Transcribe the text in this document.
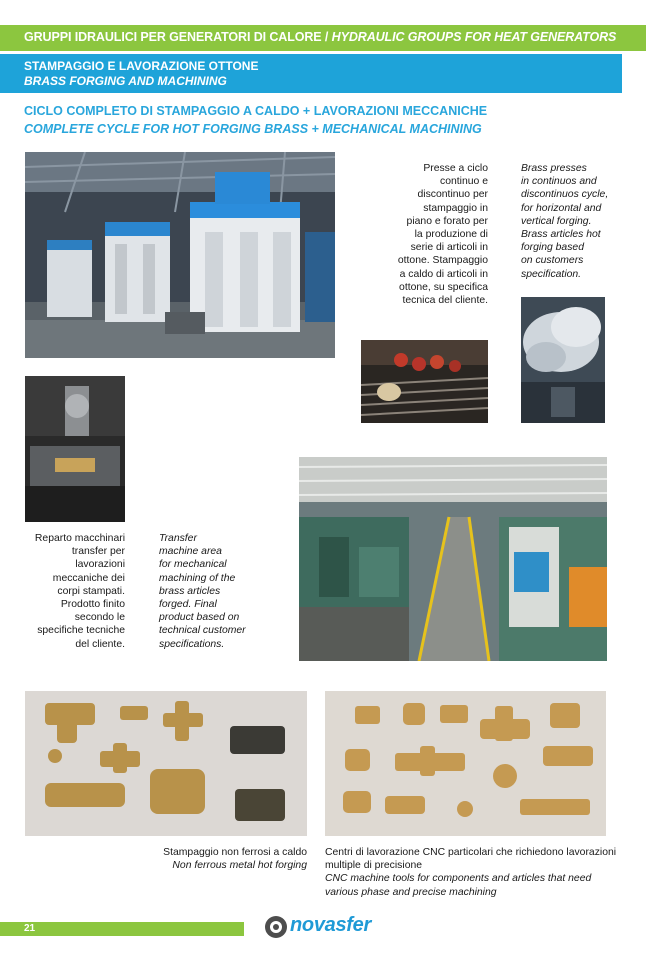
GRUPPI IDRAULICI PER GENERATORI DI CALORE / HYDRAULIC GROUPS FOR HEAT GENERATORS
STAMPAGGIO E LAVORAZIONE OTTONE
BRASS FORGING AND MACHINING
CICLO COMPLETO DI STAMPAGGIO A CALDO + LAVORAZIONI MECCANICHE
COMPLETE CYCLE FOR HOT FORGING BRASS + MECHANICAL MACHINING
Presse a ciclo
continuo e
discontinuo per
stampaggio in
piano e forato per
la produzione di
serie di articoli in
ottone. Stampaggio
a caldo di articoli in
ottone, su specifica
tecnica del cliente.
Brass presses
in continuos and
discontinuos cycle,
for horizontal and
vertical forging.
Brass articles hot
forging based
on customers
specification.
Reparto macchinari
transfer per
lavorazioni
meccaniche dei
corpi stampati.
Prodotto finito
secondo le
specifiche tecniche
del cliente.
Transfer
machine area
for mechanical
machining of the
brass articles
forged. Final
product based on
technical customer
specifications.
Stampaggio non ferrosi a caldo
Non ferrous metal hot forging
Centri di lavorazione CNC particolari che richiedono lavorazioni
multiple di precisione
CNC machine tools for components and articles that need
various phase and precise machining
21	novasfer
